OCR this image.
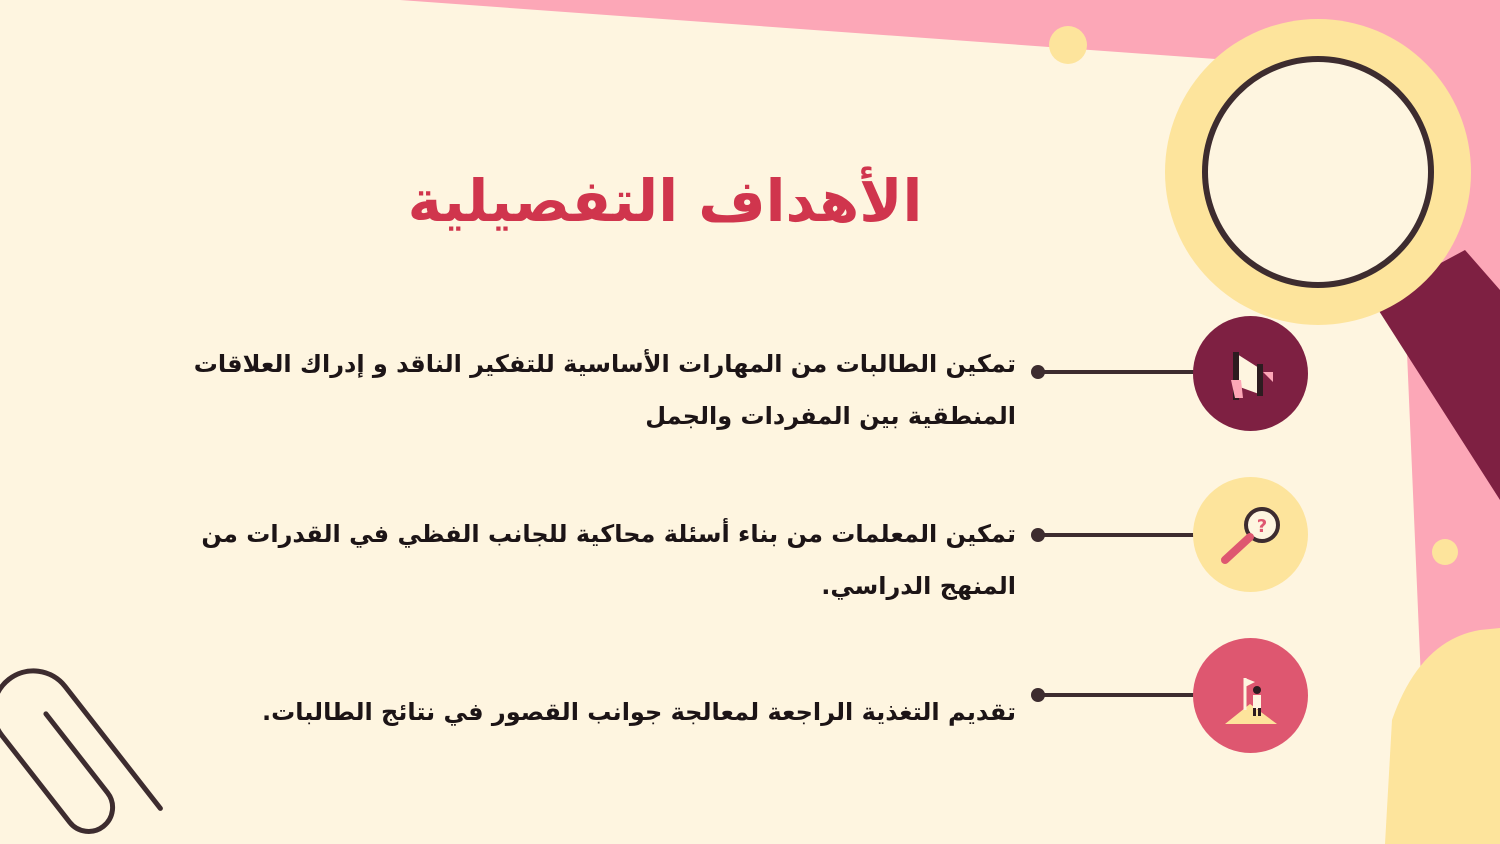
الأهداف التفصيلية
تمكين الطالبات من المهارات الأساسية للتفكير الناقد و إدراك العلاقات المنطقية بين المفردات والجمل
تمكين المعلمات من بناء أسئلة محاكية للجانب الفظي في القدرات من المنهج الدراسي.
?
تقديم التغذية الراجعة لمعالجة جوانب القصور في نتائج الطالبات.
